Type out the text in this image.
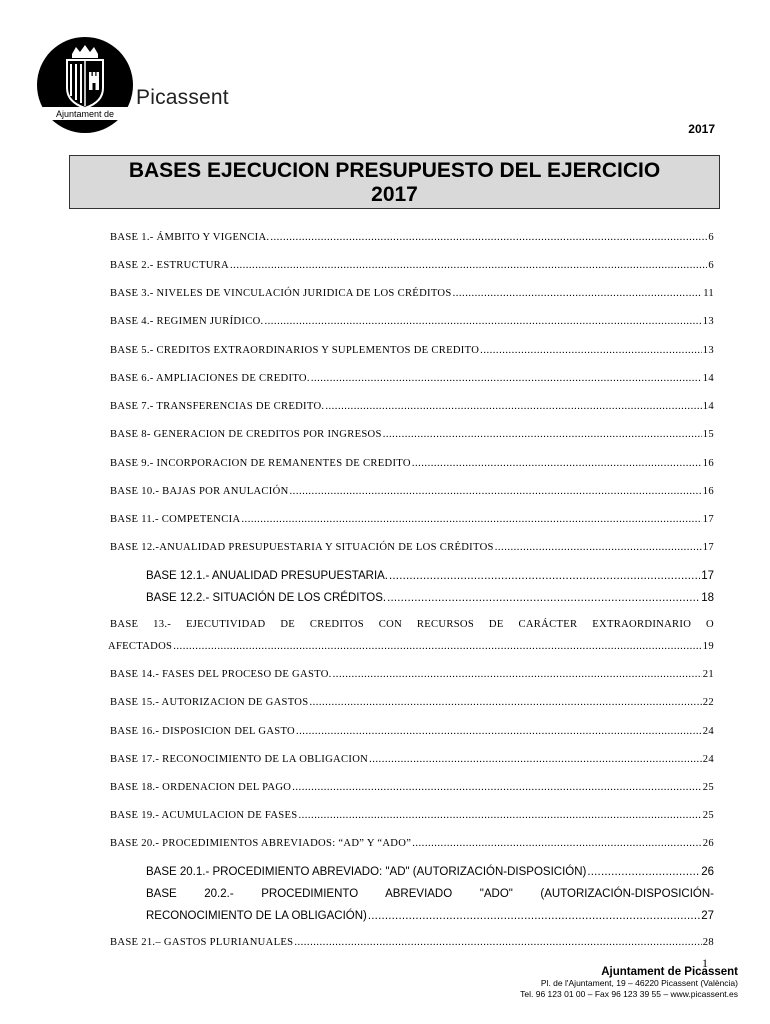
Ajuntament de
Picassent
2017
BASES EJECUCION PRESUPUESTO DEL EJERCICIO
2017
BASE 1.- ÁMBITO Y VIGENCIA. .....	6
BASE 2.- ESTRUCTURA .....	6
BASE 3.- NIVELES DE VINCULACIÓN JURIDICA DE LOS CRÉDITOS .....	11
BASE 4.- REGIMEN JURÍDICO. .....	13
BASE 5.- CREDITOS EXTRAORDINARIOS Y SUPLEMENTOS DE CREDITO .....	13
BASE 6.- AMPLIACIONES DE CREDITO. .....	14
BASE 7.- TRANSFERENCIAS DE CREDITO. .....	14
BASE 8- GENERACION DE CREDITOS POR INGRESOS .....	15
BASE 9.- INCORPORACION DE REMANENTES DE CREDITO .....	16
BASE 10.- BAJAS POR ANULACIÓN .....	16
BASE 11.- COMPETENCIA .....	17
BASE 12.-ANUALIDAD PRESUPUESTARIA Y SITUACIÓN DE LOS CRÉDITOS .....	17
BASE 12.1.- ANUALIDAD PRESUPUESTARIA. .....	17
BASE 12.2.- SITUACIÓN DE LOS CRÉDITOS. .....	18
BASE 13.- EJECUTIVIDAD DE CREDITOS CON RECURSOS DE CARÁCTER EXTRAORDINARIO O
AFECTADOS .....	19
BASE 14.- FASES DEL PROCESO DE GASTO. .....	21
BASE 15.- AUTORIZACION DE GASTOS .....	22
BASE 16.- DISPOSICION DEL GASTO .....	24
BASE 17.- RECONOCIMIENTO DE LA OBLIGACION .....	24
BASE 18.- ORDENACION DEL PAGO .....	25
BASE 19.- ACUMULACION DE FASES .....	25
BASE 20.- PROCEDIMIENTOS ABREVIADOS: “AD” Y “ADO” .....	26
BASE 20.1.- PROCEDIMIENTO ABREVIADO: "AD" (AUTORIZACIÓN-DISPOSICIÓN) .....	26
BASE 20.2.- PROCEDIMIENTO ABREVIADO "ADO" (AUTORIZACIÓN-DISPOSICIÓN-
RECONOCIMIENTO DE LA OBLIGACIÓN) .....	27
BASE 21.– GASTOS PLURIANUALES .....	28
1
Ajuntament de Picassent
Pl. de l'Ajuntament, 19 – 46220 Picassent (València)
Tel. 96 123 01 00 – Fax 96 123 39 55 – www.picassent.es
